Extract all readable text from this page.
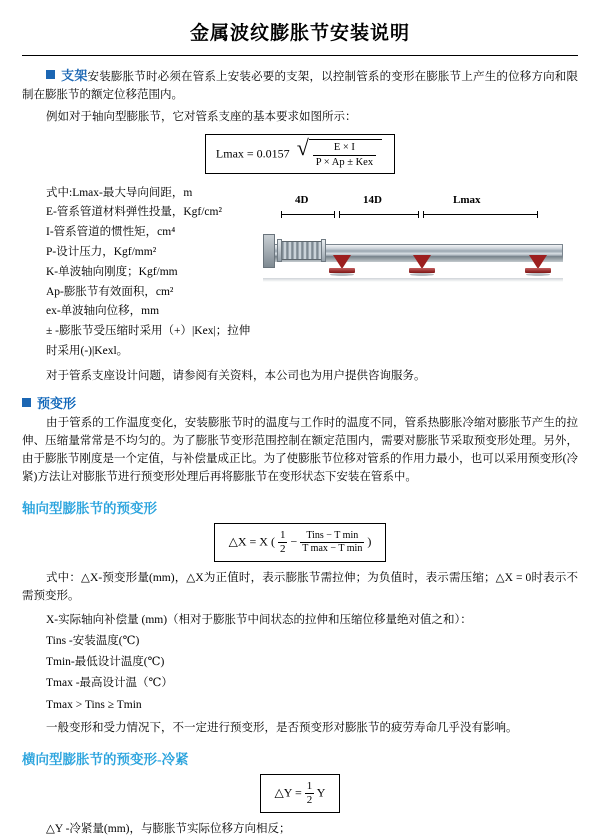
金属波纹膨胀节安装说明

支架安装膨胀节时必须在管系上安装必要的支架，以控制管系的变形在膨胀节上产生的位移方向和限制在膨胀节的额定位移范围内。

例如对于轴向型膨胀节，它对管系支座的基本要求如图所示：

Lmax = 0.0157 √ $\frac{E \times I}{\text{P × Ap ± Kex}}$
式中:Lmax-最大导向间距，m
E-管系管道材料弹性投量，Kgf/cm²
I-管系管道的惯性矩，cm⁴
P-设计压力，Kgf/mm²
K-单波轴向刚度；Kgf/mm
Ap-膨胀节有效面积，cm²
ex-单波轴向位移，mm
± -膨胀节受压缩时采用（+）|Kex|；拉伸时采用(-)|Kexl。
4D	14D	Lmax

对于管系支座设计问题，请参阅有关资料，本公司也为用户提供咨询服务。

预变形

由于管系的工作温度变化，安装膨胀节时的温度与工作时的温度不同，管系热膨胀冷缩对膨胀节产生的拉伸、压缩量常常是不均匀的。为了膨胀节变形范围控制在额定范围内，需要对膨胀节采取预变形处理。另外，由于膨胀节刚度是一个定值，与补偿量成正比。为了使膨胀节位移对管系的作用力最小，也可以采用预变形(冷紧)方法让对膨胀节进行预变形处理后再将膨胀节在变形状态下安装在管系中。

轴向型膨胀节的预变形
△X = X ( $\frac{1}{2} - \frac{\text{Tins − T min}}{\text{T max − T min}}$ )

式中：△X-预变形量(mm)，△X为正值时，表示膨胀节需拉伸；为负值时，表示需压缩；△X = 0时表示不需预变形。

X-实际轴向补偿量 (mm)（相对于膨胀节中间状态的拉伸和压缩位移量绝对值之和）：
Tins -安装温度(℃)
Tmin-最低设计温度(℃)
Tmax -最高设计温（℃）
Tmax > Tins ≥ Tmin

一般变形和受力情况下，不一定进行预变形，是否预变形对膨胀节的疲劳寿命几乎没有影响。

横向型膨胀节的预变形-冷紧
△Y = $\frac{1}{2}$ Y

△Y -冷紧量(mm)，与膨胀节实际位移方向相反；
